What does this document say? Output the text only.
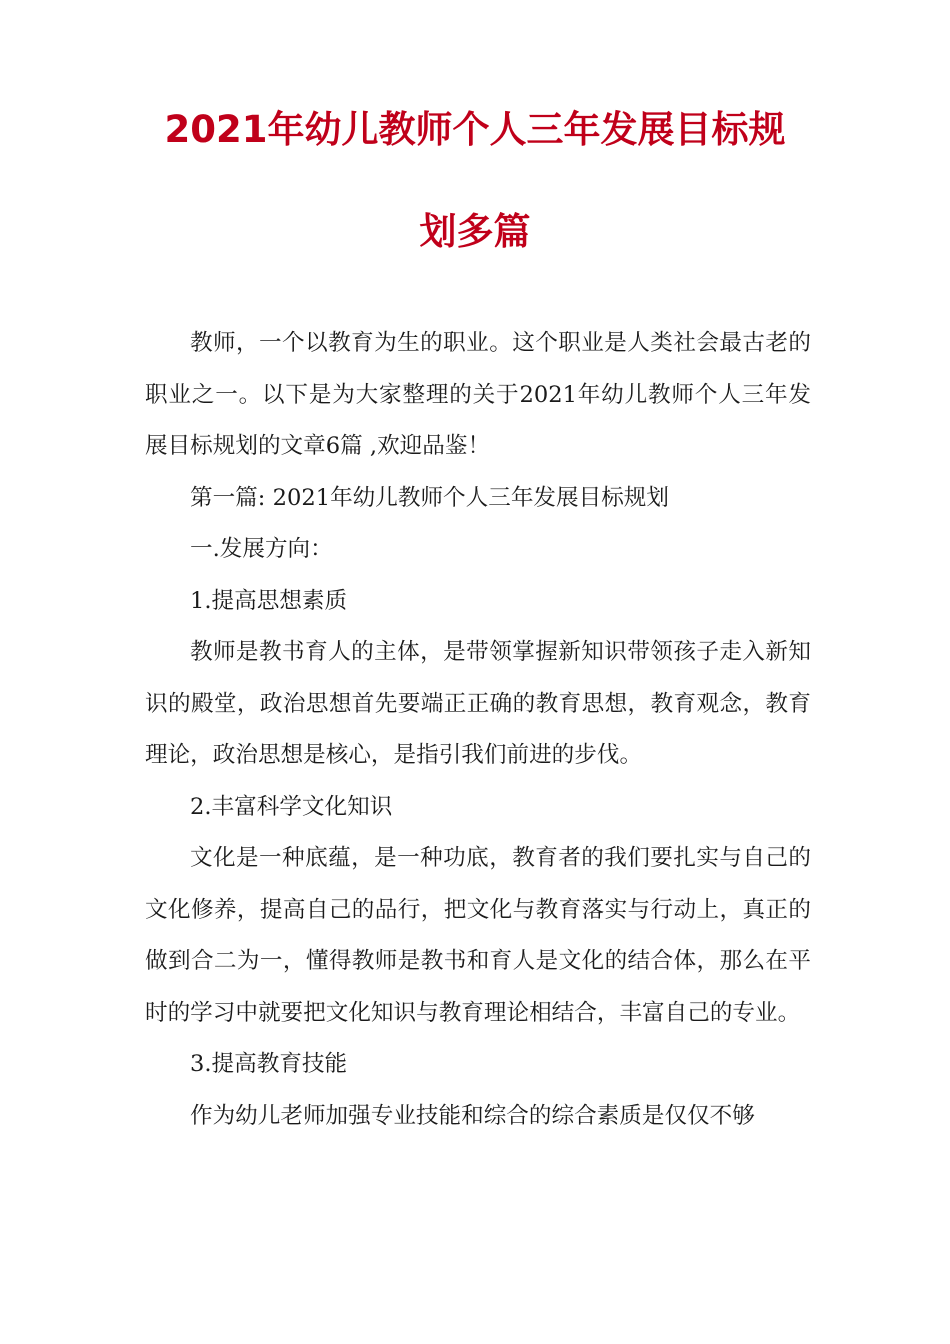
2021年幼儿教师个人三年发展目标规
划多篇

教师，一个以教育为生的职业。这个职业是人类社会最古老的职业之一。以下是为大家整理的关于2021年幼儿教师个人三年发展目标规划的文章6篇 ,欢迎品鉴！

第一篇: 2021年幼儿教师个人三年发展目标规划

一.发展方向：

1.提高思想素质

教师是教书育人的主体，是带领掌握新知识带领孩子走入新知识的殿堂，政治思想首先要端正正确的教育思想，教育观念，教育理论，政治思想是核心，是指引我们前进的步伐。

2.丰富科学文化知识

文化是一种底蕴，是一种功底，教育者的我们要扎实与自己的文化修养，提高自己的品行，把文化与教育落实与行动上，真正的做到合二为一，懂得教师是教书和育人是文化的结合体，那么在平时的学习中就要把文化知识与教育理论相结合，丰富自己的专业。

3.提高教育技能

作为幼儿老师加强专业技能和综合的综合素质是仅仅不够
